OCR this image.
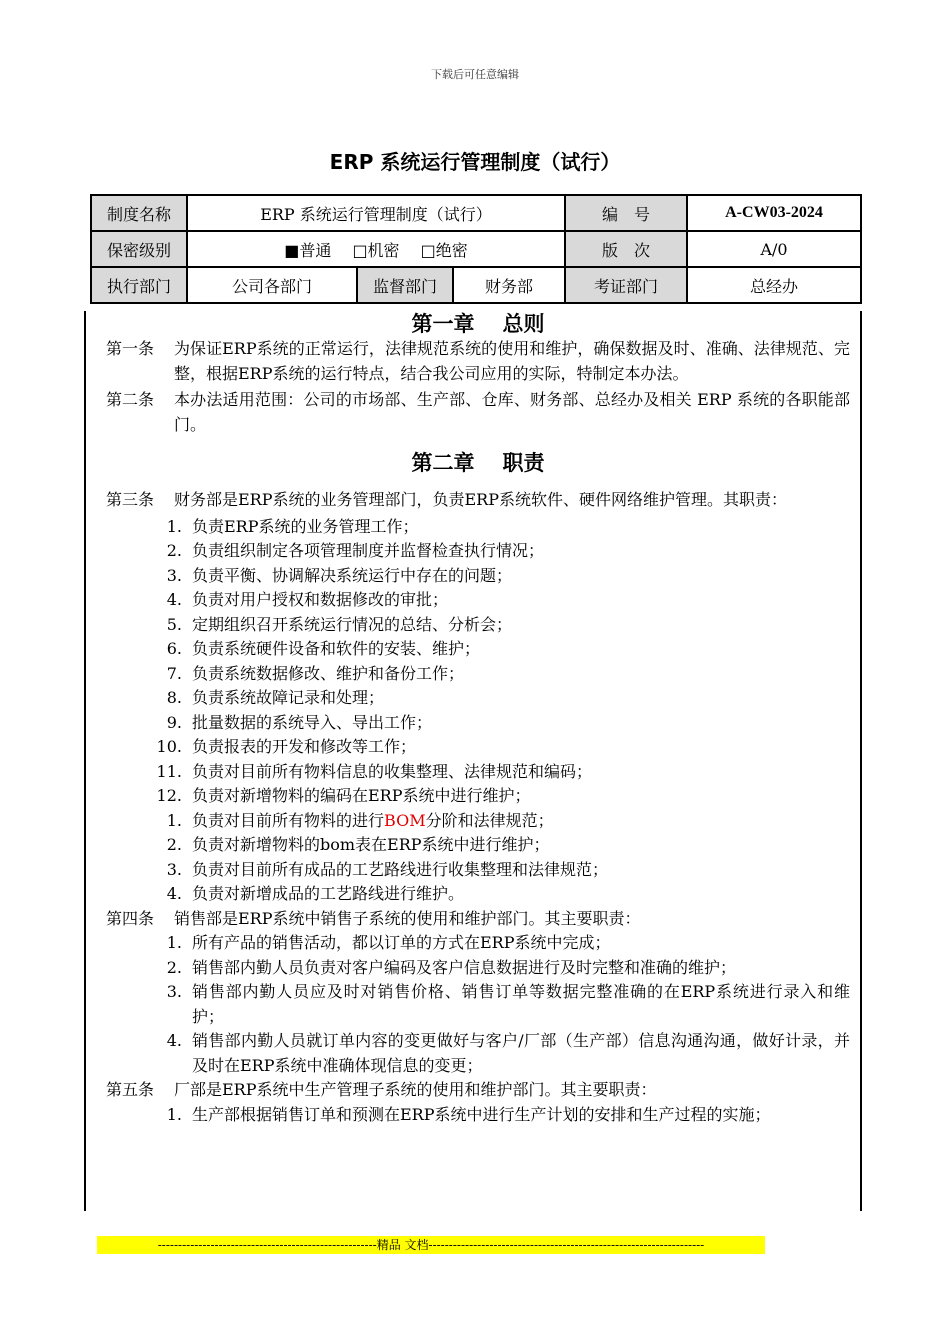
下载后可任意编辑
ERP 系统运行管理制度（试行）
制度名称	ERP 系统运行管理制度（试行）			编　号	A-CW03-2024
保密级别	■普通　 □机密　 □绝密			版　次	A/0
执行部门	公司各部门	监督部门	财务部	考证部门	总经办
第一章 总则
第一条	为保证ERP系统的正常运行，法律规范系统的使用和维护，确保数据及时、准确、法律规范、完整，根据ERP系统的运行特点，结合我公司应用的实际，特制定本办法。
第二条	本办法适用范围：公司的市场部、生产部、仓库、财务部、总经办及相关 ERP 系统的各职能部门。
第二章 职责
第三条	财务部是ERP系统的业务管理部门，负责ERP系统软件、硬件网络维护管理。其职责：
1. 负责ERP系统的业务管理工作；
2. 负责组织制定各项管理制度并监督检查执行情况；
3. 负责平衡、协调解决系统运行中存在的问题；
4. 负责对用户授权和数据修改的审批；
5. 定期组织召开系统运行情况的总结、分析会；
6. 负责系统硬件设备和软件的安装、维护；
7. 负责系统数据修改、维护和备份工作；
8. 负责系统故障记录和处理；
9. 批量数据的系统导入、导出工作；
10. 负责报表的开发和修改等工作；
11. 负责对目前所有物料信息的收集整理、法律规范和编码；
12. 负责对新增物料的编码在ERP系统中进行维护；
1. 负责对目前所有物料的进行BOM分阶和法律规范；
2. 负责对新增物料的bom表在ERP系统中进行维护；
3. 负责对目前所有成品的工艺路线进行收集整理和法律规范；
4. 负责对新增成品的工艺路线进行维护。
第四条	销售部是ERP系统中销售子系统的使用和维护部门。其主要职责：
1. 所有产品的销售活动，都以订单的方式在ERP系统中完成；
2. 销售部内勤人员负责对客户编码及客户信息数据进行及时完整和准确的维护；
3. 销售部内勤人员应及时对销售价格、销售订单等数据完整准确的在ERP系统进行录入和维护；
4. 销售部内勤人员就订单内容的变更做好与客户/厂部（生产部）信息沟通沟通，做好计录，并及时在ERP系统中准确体现信息的变更；
第五条	厂部是ERP系统中生产管理子系统的使用和维护部门。其主要职责：
1. 生产部根据销售订单和预测在ERP系统中进行生产计划的安排和生产过程的实施；
------------------------------------------------------精品 文档--------------------------------------------------------------------
